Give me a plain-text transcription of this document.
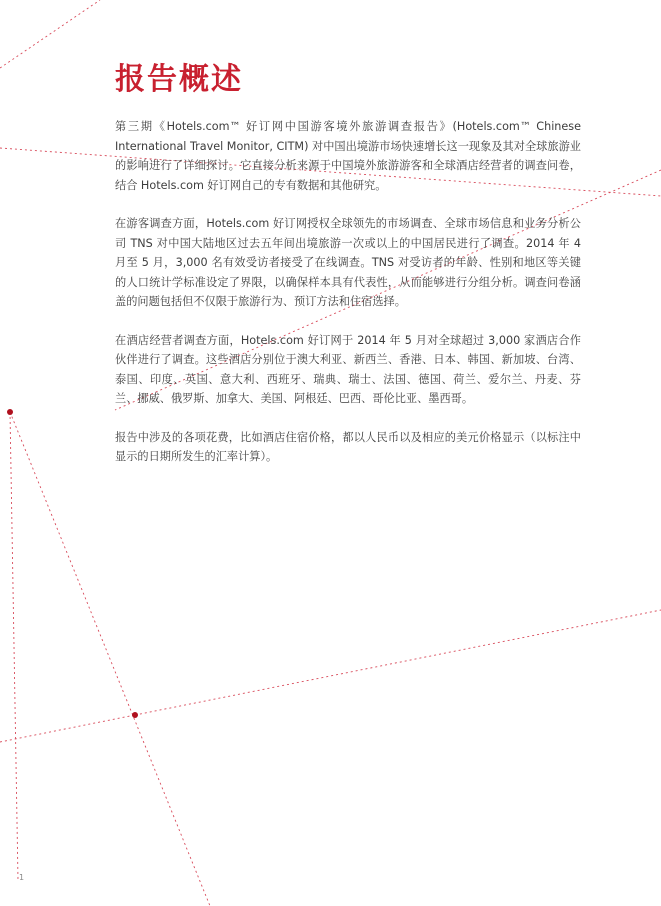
报告概述

第三期《Hotels.com™ 好订网中国游客境外旅游调查报告》(Hotels.com™ Chinese International Travel Monitor, CITM) 对中国出境游市场快速增长这一现象及其对全球旅游业的影响进行了详细探讨。它直接分析来源于中国境外旅游游客和全球酒店经营者的调查问卷，结合 Hotels.com 好订网自己的专有数据和其他研究。

在游客调查方面，Hotels.com 好订网授权全球领先的市场调查、全球市场信息和业务分析公司 TNS 对中国大陆地区过去五年间出境旅游一次或以上的中国居民进行了调查。2014 年 4 月至 5 月，3,000 名有效受访者接受了在线调查。TNS 对受访者的年龄、性别和地区等关键的人口统计学标准设定了界限，以确保样本具有代表性，从而能够进行分组分析。调查问卷涵盖的问题包括但不仅限于旅游行为、预订方法和住宿选择。

在酒店经营者调查方面，Hotels.com 好订网于 2014 年 5 月对全球超过 3,000 家酒店合作伙伴进行了调查。这些酒店分别位于澳大利亚、新西兰、香港、日本、韩国、新加坡、台湾、泰国、印度、英国、意大利、西班牙、瑞典、瑞士、法国、德国、荷兰、爱尔兰、丹麦、芬兰、挪威、俄罗斯、加拿大、美国、阿根廷、巴西、哥伦比亚、墨西哥。

报告中涉及的各项花费，比如酒店住宿价格，都以人民币以及相应的美元价格显示（以标注中显示的日期所发生的汇率计算）。

1
